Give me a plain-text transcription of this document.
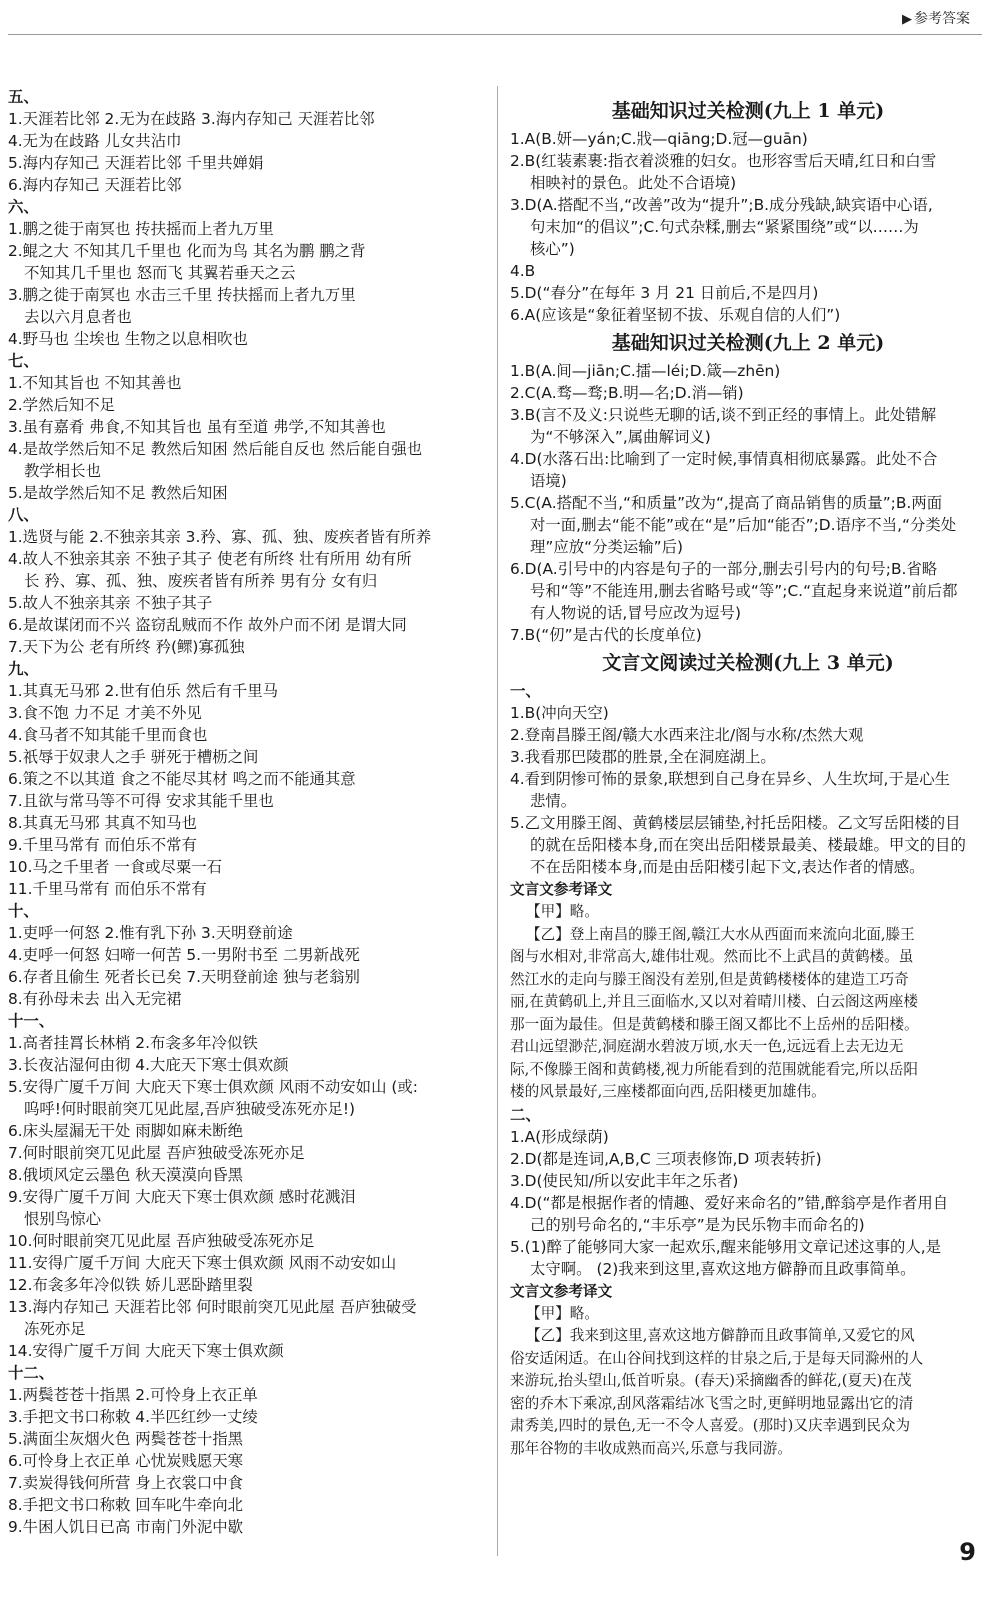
▶ 参考答案
五、
1.天涯若比邻 2.无为在歧路 3.海内存知己 天涯若比邻
4.无为在歧路 儿女共沾巾
5.海内存知己 天涯若比邻 千里共婵娟
6.海内存知己 天涯若比邻
六、
1.鹏之徙于南冥也 抟扶摇而上者九万里
2.鲲之大 不知其几千里也 化而为鸟 其名为鹏 鹏之背
不知其几千里也 怒而飞 其翼若垂天之云
3.鹏之徙于南冥也 水击三千里 抟扶摇而上者九万里
去以六月息者也
4.野马也 尘埃也 生物之以息相吹也
七、
1.不知其旨也 不知其善也
2.学然后知不足
3.虽有嘉肴 弗食,不知其旨也 虽有至道 弗学,不知其善也
4.是故学然后知不足 教然后知困 然后能自反也 然后能自强也
教学相长也
5.是故学然后知不足 教然后知困
八、
1.选贤与能 2.不独亲其亲 3.矜、寡、孤、独、废疾者皆有所养
4.故人不独亲其亲 不独子其子 使老有所终 壮有所用 幼有所
长 矜、寡、孤、独、废疾者皆有所养 男有分 女有归
5.故人不独亲其亲 不独子其子
6.是故谋闭而不兴 盗窃乱贼而不作 故外户而不闭 是谓大同
7.天下为公 老有所终 矜(鳏)寡孤独
九、
1.其真无马邪 2.世有伯乐 然后有千里马
3.食不饱 力不足 才美不外见
4.食马者不知其能千里而食也
5.祇辱于奴隶人之手 骈死于槽枥之间
6.策之不以其道 食之不能尽其材 鸣之而不能通其意
7.且欲与常马等不可得 安求其能千里也
8.其真无马邪 其真不知马也
9.千里马常有 而伯乐不常有
10.马之千里者 一食或尽粟一石
11.千里马常有 而伯乐不常有
十、
1.吏呼一何怒 2.惟有乳下孙 3.天明登前途
4.吏呼一何怒 妇啼一何苦 5.一男附书至 二男新战死
6.存者且偷生 死者长已矣 7.天明登前途 独与老翁别
8.有孙母未去 出入无完裙
十一、
1.高者挂罥长林梢 2.布衾多年冷似铁
3.长夜沾湿何由彻 4.大庇天下寒士俱欢颜
5.安得广厦千万间 大庇天下寒士俱欢颜 风雨不动安如山 (或:
呜呼!何时眼前突兀见此屋,吾庐独破受冻死亦足!)
6.床头屋漏无干处 雨脚如麻未断绝
7.何时眼前突兀见此屋 吾庐独破受冻死亦足
8.俄顷风定云墨色 秋天漠漠向昏黑
9.安得广厦千万间 大庇天下寒士俱欢颜 感时花溅泪
恨别鸟惊心
10.何时眼前突兀见此屋 吾庐独破受冻死亦足
11.安得广厦千万间 大庇天下寒士俱欢颜 风雨不动安如山
12.布衾多年冷似铁 娇儿恶卧踏里裂
13.海内存知己 天涯若比邻 何时眼前突兀见此屋 吾庐独破受
冻死亦足
14.安得广厦千万间 大庇天下寒士俱欢颜
十二、
1.两鬓苍苍十指黑 2.可怜身上衣正单
3.手把文书口称敕 4.半匹红纱一丈绫
5.满面尘灰烟火色 两鬓苍苍十指黑
6.可怜身上衣正单 心忧炭贱愿天寒
7.卖炭得钱何所营 身上衣裳口中食
8.手把文书口称敕 回车叱牛牵向北
9.牛困人饥日已高 市南门外泥中歇
基础知识过关检测(九上 1 单元)
1.A(B.妍—yán;C.戕—qiāng;D.冠—guān)
2.B(红装素裹:指衣着淡雅的妇女。也形容雪后天晴,红日和白雪
相映衬的景色。此处不合语境)
3.D(A.搭配不当,“改善”改为“提升”;B.成分残缺,缺宾语中心语,
句末加“的倡议”;C.句式杂糅,删去“紧紧围绕”或“以……为
核心”)
4.B
5.D(“春分”在每年 3 月 21 日前后,不是四月)
6.A(应该是“象征着坚韧不拔、乐观自信的人们”)
基础知识过关检测(九上 2 单元)
1.B(A.间—jiān;C.擂—léi;D.箴—zhēn)
2.C(A.骛—骛;B.明—名;D.消—销)
3.B(言不及义:只说些无聊的话,谈不到正经的事情上。此处错解
为“不够深入”,属曲解词义)
4.D(水落石出:比喻到了一定时候,事情真相彻底暴露。此处不合
语境)
5.C(A.搭配不当,“和质量”改为“,提高了商品销售的质量”;B.两面
对一面,删去“能不能”或在“是”后加“能否”;D.语序不当,“分类处
理”应放“分类运输”后)
6.D(A.引号中的内容是句子的一部分,删去引号内的句号;B.省略
号和“等”不能连用,删去省略号或“等”;C.“直起身来说道”前后都
有人物说的话,冒号应改为逗号)
7.B(“仞”是古代的长度单位)
文言文阅读过关检测(九上 3 单元)
一、
1.B(冲向天空)
2.登南昌滕王阁/赣大水西来注北/阁与水称/杰然大观
3.我看那巴陵郡的胜景,全在洞庭湖上。
4.看到阴惨可怖的景象,联想到自己身在异乡、人生坎坷,于是心生
悲情。
5.乙文用滕王阁、黄鹤楼层层铺垫,衬托岳阳楼。乙文写岳阳楼的目
的就在岳阳楼本身,而在突出岳阳楼景最美、楼最雄。甲文的目的
不在岳阳楼本身,而是由岳阳楼引起下文,表达作者的情感。
文言文参考译文
【甲】略。
【乙】登上南昌的滕王阁,赣江大水从西面而来流向北面,滕王
阁与水相对,非常高大,雄伟壮观。然而比不上武昌的黄鹤楼。虽
然江水的走向与滕王阁没有差别,但是黄鹤楼楼体的建造工巧奇
丽,在黄鹤矶上,并且三面临水,又以对着晴川楼、白云阁这两座楼
那一面为最佳。但是黄鹤楼和滕王阁又都比不上岳州的岳阳楼。
君山远望渺茫,洞庭湖水碧波万顷,水天一色,远远看上去无边无
际,不像滕王阁和黄鹤楼,视力所能看到的范围就能看完,所以岳阳
楼的风景最好,三座楼都面向西,岳阳楼更加雄伟。
二、
1.A(形成绿荫)
2.D(都是连词,A,B,C 三项表修饰,D 项表转折)
3.D(使民知/所以安此丰年之乐者)
4.D(“都是根据作者的情趣、爱好来命名的”错,醉翁亭是作者用自
己的别号命名的,“丰乐亭”是为民乐物丰而命名的)
5.(1)醉了能够同大家一起欢乐,醒来能够用文章记述这事的人,是
太守啊。 (2)我来到这里,喜欢这地方僻静而且政事简单。
文言文参考译文
【甲】略。
【乙】我来到这里,喜欢这地方僻静而且政事简单,又爱它的风
俗安适闲适。在山谷间找到这样的甘泉之后,于是每天同滁州的人
来游玩,抬头望山,低首听泉。(春天)采摘幽香的鲜花,(夏天)在茂
密的乔木下乘凉,刮风落霜结冰飞雪之时,更鲜明地显露出它的清
肃秀美,四时的景色,无一不令人喜爱。(那时)又庆幸遇到民众为
那年谷物的丰收成熟而高兴,乐意与我同游。
9
